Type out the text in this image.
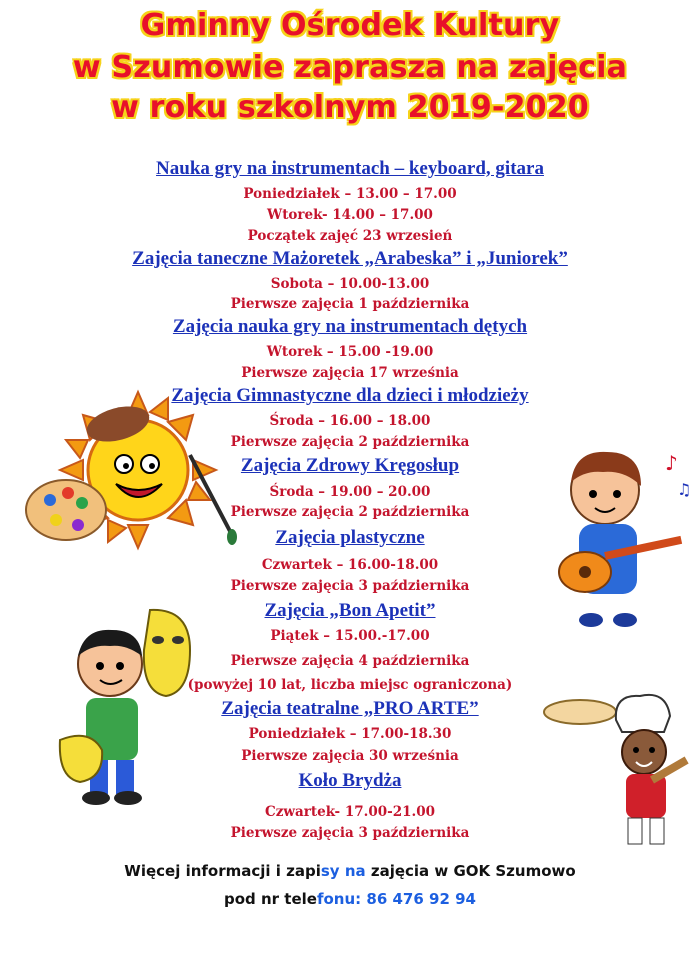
Gminny Ośrodek Kultury
w Szumowie zaprasza na zajęcia
w roku szkolnym 2019-2020
Nauka gry na instrumentach – keyboard, gitara
Poniedziałek – 13.00 – 17.00
Wtorek- 14.00 – 17.00
Początek zajęć 23 wrzesień
Zajęcia taneczne Mażoretek „Arabeska” i „Juniorek”
Sobota – 10.00-13.00
Pierwsze zajęcia 1 października
Zajęcia nauka gry na instrumentach dętych
Wtorek – 15.00 -19.00
Pierwsze zajęcia 17 września
Zajęcia Gimnastyczne dla dzieci i młodzieży
Środa – 16.00 – 18.00
Pierwsze zajęcia 2 października
Zajęcia Zdrowy Kręgosłup
Środa – 19.00 – 20.00
Pierwsze zajęcia 2 października
Zajęcia plastyczne
Czwartek – 16.00-18.00
Pierwsze zajęcia 3 października
Zajęcia „Bon Apetit”
Piątek – 15.00.-17.00
Pierwsze zajęcia 4 października
(powyżej 10 lat, liczba miejsc ograniczona)
Zajęcia teatralne „PRO ARTE”
Poniedziałek – 17.00-18.30
Pierwsze zajęcia 30 września
Koło Brydża
Czwartek- 17.00-21.00
Pierwsze zajęcia 3 października
Więcej informacji i zapisy na zajęcia w GOK Szumowo
pod nr telefonu: 86 476 92 94
♪
♫
